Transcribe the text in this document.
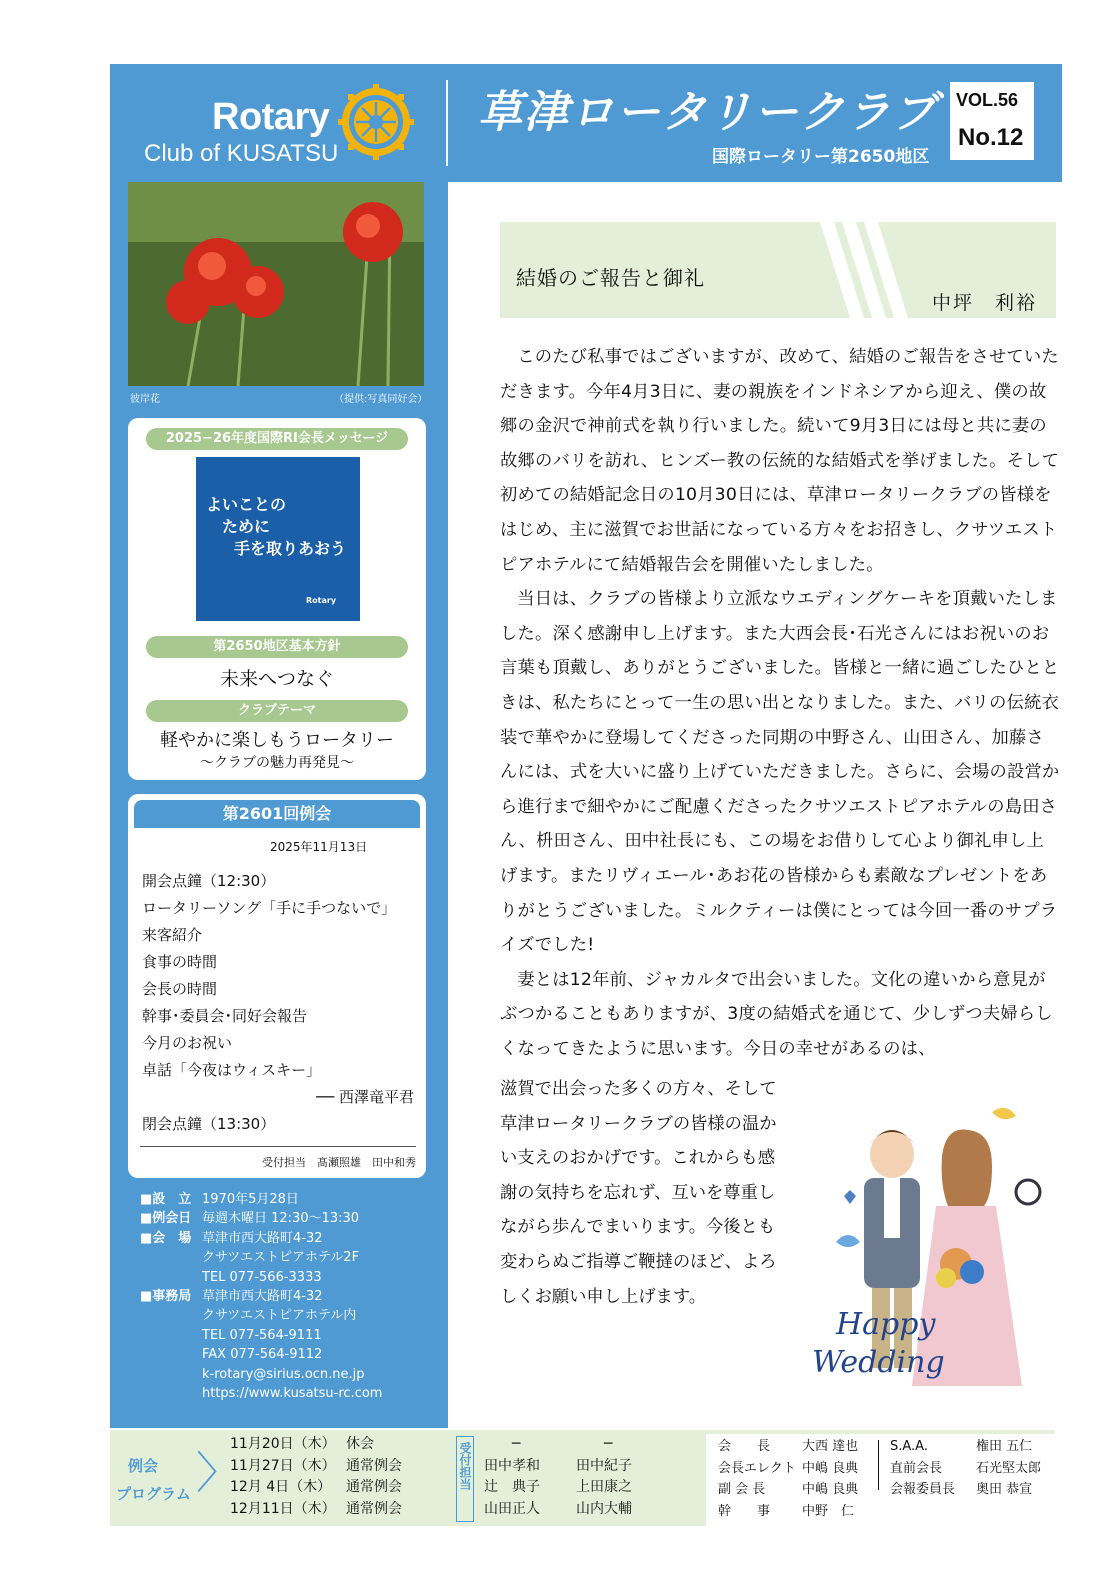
Rotary
Club of KUSATSU
草津ロータリークラブ
国際ロータリー第2650地区
VOL.56
No.12
彼岸花	（提供:写真同好会）
2025−26年度国際RI会長メッセージ
よいことの
ために
手を取りあおう
Rotary
第2650地区基本方針
未来へつなぐ
クラブテーマ
軽やかに楽しもうロータリー
〜クラブの魅力再発見〜
第2601回例会
2025年11月13日
開会点鐘（12:30）
ロータリーソング「手に手つないで」
来客紹介
食事の時間
会長の時間
幹事･委員会･同好会報告
今月のお祝い
卓話「今夜はウィスキー」
── 西澤竜平君
閉会点鐘（13:30）
受付担当　髙瀬照雄　田中和秀
■設　立 1970年5月28日
■例会日 毎週木曜日 12:30〜13:30
■会　場 草津市西大路町4-32
クサツエストピアホテル2F
TEL 077-566-3333
■事務局 草津市西大路町4-32
クサツエストピアホテル内
TEL 077-564-9111
FAX 077-564-9112
k-rotary@sirius.ocn.ne.jp
https://www.kusatsu-rc.com
結婚のご報告と御礼
中坪　利裕

このたび私事ではございますが、改めて、結婚のご報告をさせていただきます。今年4月3日に、妻の親族をインドネシアから迎え、僕の故郷の金沢で神前式を執り行いました。続いて9月3日には母と共に妻の故郷のバリを訪れ、ヒンズー教の伝統的な結婚式を挙げました。そして初めての結婚記念日の10月30日には、草津ロータリークラブの皆様をはじめ、主に滋賀でお世話になっている方々をお招きし、クサツエストピアホテルにて結婚報告会を開催いたしました。

当日は、クラブの皆様より立派なウエディングケーキを頂戴いたしました。深く感謝申し上げます。また大西会長･石光さんにはお祝いのお言葉も頂戴し、ありがとうございました。皆様と一緒に過ごしたひとときは、私たちにとって一生の思い出となりました。また、バリの伝統衣装で華やかに登場してくださった同期の中野さん、山田さん、加藤さんには、式を大いに盛り上げていただきました。さらに、会場の設営から進行まで細やかにご配慮くださったクサツエストピアホテルの島田さん、枡田さん、田中社長にも、この場をお借りして心より御礼申し上げます。またリヴィエール･あお花の皆様からも素敵なプレゼントをありがとうございました。ミルクティーは僕にとっては今回一番のサプライズでした!

妻とは12年前、ジャカルタで出会いました。文化の違いから意見がぶつかることもありますが、3度の結婚式を通じて、少しずつ夫婦らしくなってきたように思います。今日の幸せがあるのは、

滋賀で出会った多くの方々、そして草津ロータリークラブの皆様の温かい支えのおかげです。これからも感謝の気持ちを忘れず、互いを尊重しながら歩んでまいります。今後とも変わらぬご指導ご鞭撻のほど、よろしくお願い申し上げます。
Happy
Wedding
例会
プログラム 〉
11月20日（木） 休会
11月27日（木） 通常例会
12月 4日（木）	通常例会
12月11日（木） 通常例会
受付担当 　　─	　　─
田中孝和	田中紀子
辻　典子	上田康之
山田正人	山内大輔
会　　長	大西 達也
会長エレクト 中嶋 良典
副 会 長	中嶋 良典
幹　　事	中野　仁
S.A.A.	権田 五仁
直前会長	石光堅太郎
会報委員長	奥田 恭宣
